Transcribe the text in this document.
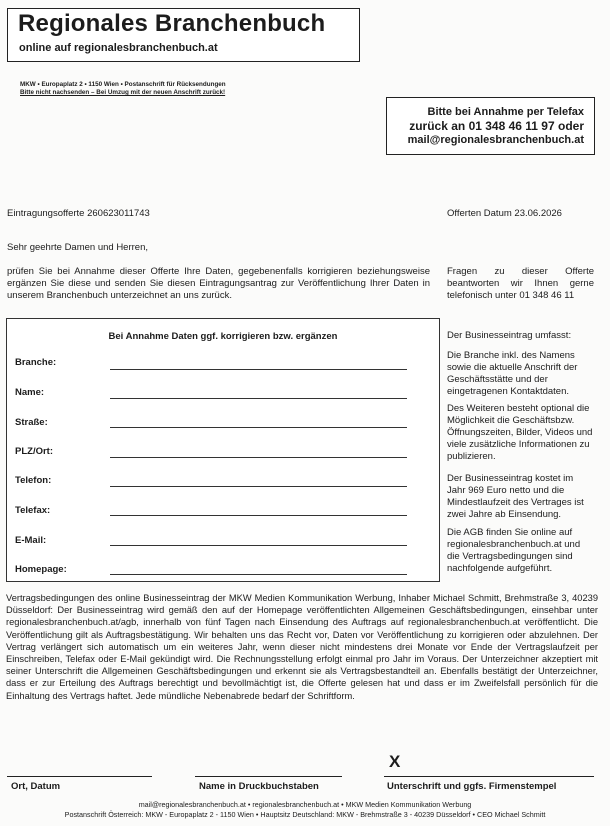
Regionales Branchenbuch
online auf regionalesbranchenbuch.at
MKW • Europaplatz 2 • 1150 Wien • Postanschrift für Rücksendungen
Bitte nicht nachsenden – Bei Umzug mit der neuen Anschrift zurück!
Bitte bei Annahme per Telefax
zurück an 01 348 46 11 97 oder
mail@regionalesbranchenbuch.at
Eintragungsofferte 260623011743	Offerten Datum 23.06.2026
Sehr geehrte Damen und Herren,
prüfen Sie bei Annahme dieser Offerte Ihre Daten, gegebenenfalls korrigieren beziehungsweise ergänzen Sie diese und senden Sie diesen Eintragungsantrag zur Veröffentlichung Ihrer Daten in unserem Branchenbuch unterzeichnet an uns zurück.
Fragen zu dieser Offerte beantworten wir Ihnen gerne telefonisch unter 01 348 46 11
Bei Annahme Daten ggf. korrigieren bzw. ergänzen
Branche:
Name:
Straße:
PLZ/Ort:
Telefon:
Telefax:
E-Mail:
Homepage:
Der Businesseintrag umfasst:
Die Branche inkl. des Namens sowie die aktuelle Anschrift der Geschäftsstätte und der eingetragenen Kontaktdaten.
Des Weiteren besteht optional die Möglichkeit die Geschäftsbzw. Öffnungszeiten, Bilder, Videos und viele zusätzliche Informationen zu publizieren.
Der Businesseintrag kostet im Jahr 969 Euro netto und die Mindestlaufzeit des Vertrages ist zwei Jahre ab Einsendung.
Die AGB finden Sie online auf regionalesbranchenbuch.at und die Vertragsbedingungen sind nachfolgende aufgeführt.
Vertragsbedingungen des online Businesseintrag der MKW Medien Kommunikation Werbung, Inhaber Michael Schmitt, Brehmstraße 3, 40239 Düsseldorf: Der Businesseintrag wird gemäß den auf der Homepage veröffentlichten Allgemeinen Geschäftsbedingungen, einsehbar unter regionalesbranchenbuch.at/agb, innerhalb von fünf Tagen nach Einsendung des Auftrags auf regionalesbranchenbuch.at veröffentlicht. Die Veröffentlichung gilt als Auftragsbestätigung. Wir behalten uns das Recht vor, Daten vor Veröffentlichung zu korrigieren oder abzulehnen. Der Vertrag verlängert sich automatisch um ein weiteres Jahr, wenn dieser nicht mindestens drei Monate vor Ende der Vertragslaufzeit per Einschreiben, Telefax oder E-Mail gekündigt wird. Die Rechnungsstellung erfolgt einmal pro Jahr im Voraus. Der Unterzeichner akzeptiert mit seiner Unterschrift die Allgemeinen Geschäftsbedingungen und erkennt sie als Vertragsbestandteil an. Ebenfalls bestätigt der Unterzeichner, dass er zur Erteilung des Auftrags berechtigt und bevollmächtigt ist, die Offerte gelesen hat und dass er im Zweifelsfall persönlich für die Einhaltung des Vertrags haftet. Jede mündliche Nebenabrede bedarf der Schriftform.
X
Ort, Datum	Name in Druckbuchstaben	Unterschrift und ggfs. Firmenstempel
mail@regionalesbranchenbuch.at • regionalesbranchenbuch.at • MKW Medien Kommunikation Werbung
Postanschrift Österreich: MKW - Europaplatz 2 - 1150 Wien • Hauptsitz Deutschland: MKW - Brehmstraße 3 - 40239 Düsseldorf • CEO Michael Schmitt
